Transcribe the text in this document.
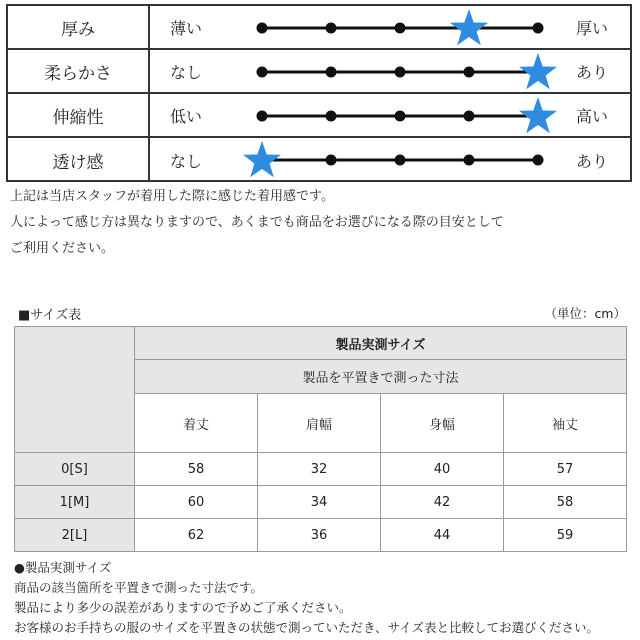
厚み	薄い	厚い
柔らかさ	なし	あり
伸縮性	低い	高い
透け感	なし	あり
上記は当店スタッフが着用した際に感じた着用感です。
人によって感じ方は異なりますので、あくまでも商品をお選びになる際の目安として
ご利用ください。
■サイズ表	（単位：cm）
	製品実測サイズ			
	製品を平置きで測った寸法			
	着丈	肩幅	身幅	袖丈
0[S]	58	32	40	57
1[M]	60	34	42	58
2[L]	62	36	44	59
●製品実測サイズ
商品の該当箇所を平置きで測った寸法です。
製品により多少の誤差がありますので予めご了承ください。
お客様のお手持ちの服のサイズを平置きの状態で測っていただき、サイズ表と比較してお選びください。
